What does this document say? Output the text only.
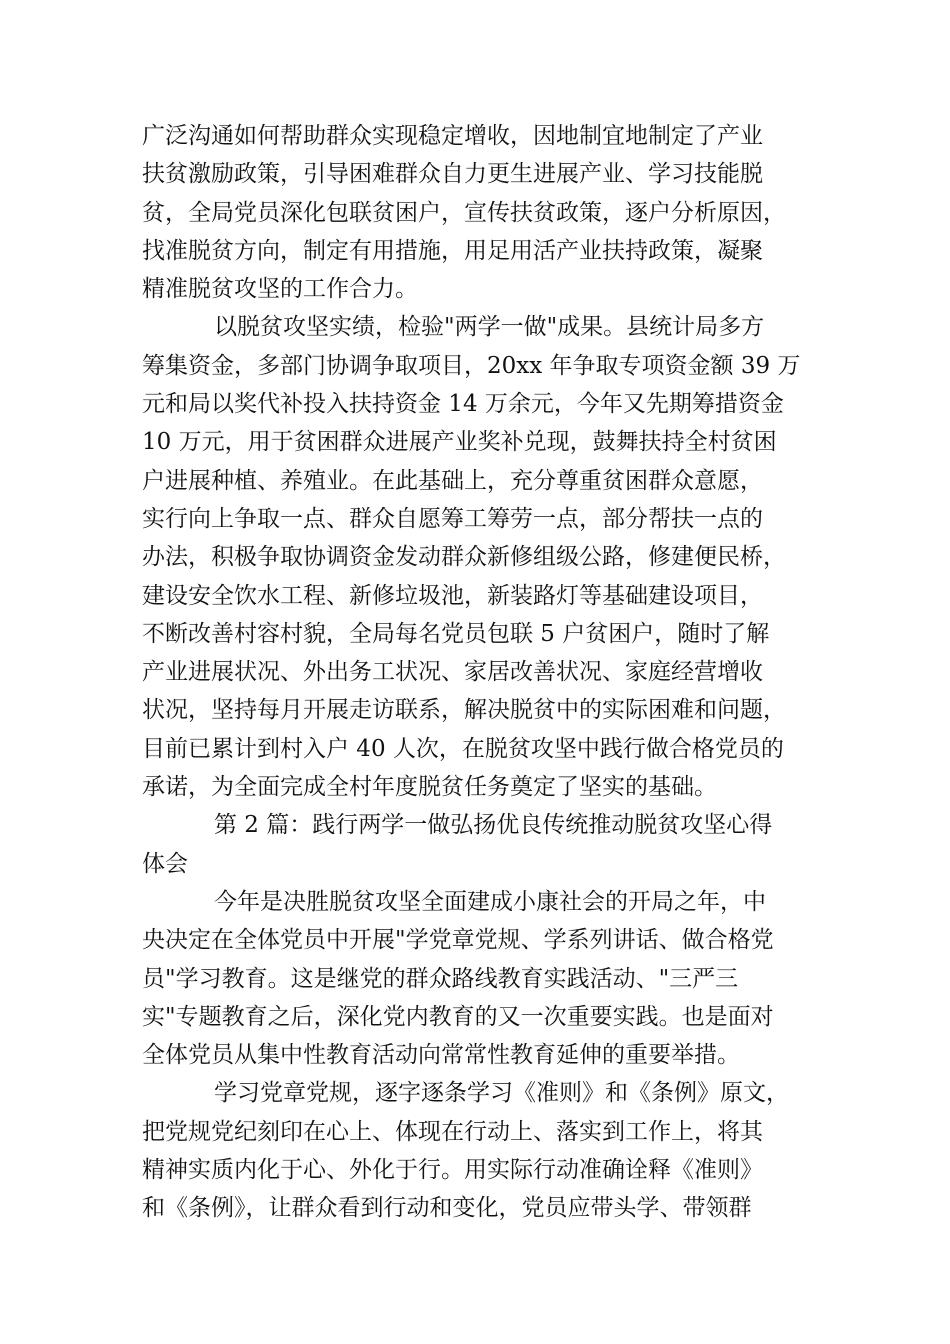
广泛沟通如何帮助群众实现稳定增收，因地制宜地制定了产业
扶贫激励政策，引导困难群众自力更生进展产业、学习技能脱
贫，全局党员深化包联贫困户，宣传扶贫政策，逐户分析原因，
找准脱贫方向，制定有用措施，用足用活产业扶持政策，凝聚
精准脱贫攻坚的工作合力。
以脱贫攻坚实绩，检验"两学一做"成果。县统计局多方
筹集资金，多部门协调争取项目，20xx 年争取专项资金额 39 万
元和局以奖代补投入扶持资金 14 万余元，今年又先期筹措资金
10 万元，用于贫困群众进展产业奖补兑现，鼓舞扶持全村贫困
户进展种植、养殖业。在此基础上，充分尊重贫困群众意愿，
实行向上争取一点、群众自愿筹工筹劳一点，部分帮扶一点的
办法，积极争取协调资金发动群众新修组级公路，修建便民桥，
建设安全饮水工程、新修垃圾池，新装路灯等基础建设项目，
不断改善村容村貌，全局每名党员包联 5 户贫困户，随时了解
产业进展状况、外出务工状况、家居改善状况、家庭经营增收
状况，坚持每月开展走访联系，解决脱贫中的实际困难和问题，
目前已累计到村入户 40 人次，在脱贫攻坚中践行做合格党员的
承诺，为全面完成全村年度脱贫任务奠定了坚实的基础。
第 2 篇：践行两学一做弘扬优良传统推动脱贫攻坚心得
体会
今年是决胜脱贫攻坚全面建成小康社会的开局之年，中
央决定在全体党员中开展"学党章党规、学系列讲话、做合格党
员"学习教育。这是继党的群众路线教育实践活动、"三严三
实"专题教育之后，深化党内教育的又一次重要实践。也是面对
全体党员从集中性教育活动向常常性教育延伸的重要举措。
学习党章党规，逐字逐条学习《准则》和《条例》原文，
把党规党纪刻印在心上、体现在行动上、落实到工作上，将其
精神实质内化于心、外化于行。用实际行动准确诠释《准则》
和《条例》，让群众看到行动和变化，党员应带头学、带领群
